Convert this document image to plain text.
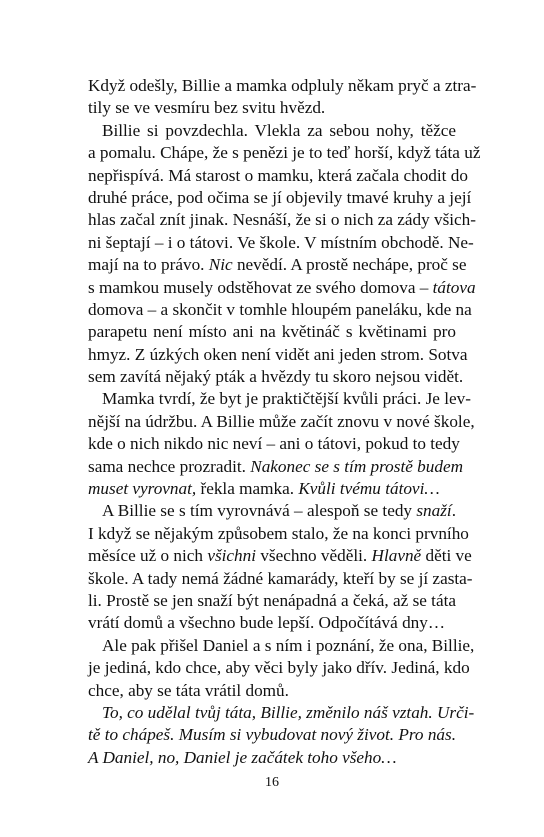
Když odešly, Billie a mamka odpluly někam pryč a ztra-
tily se ve vesmíru bez svitu hvězd.
Billie si povzdechla. Vlekla za sebou nohy, těžce
a pomalu. Chápe, že s penězi je to teď horší, když táta už
nepřispívá. Má starost o mamku, která začala chodit do
druhé práce, pod očima se jí objevily tmavé kruhy a její
hlas začal znít jinak. Nesnáší, že si o nich za zády všich-
ni šeptají – i o tátovi. Ve škole. V místním obchodě. Ne-
mají na to právo. Nic nevědí. A prostě nechápe, proč se
s mamkou musely odstěhovat ze svého domova – tátova
domova – a skončit v tomhle hloupém paneláku, kde na
parapetu není místo ani na květináč s květinami pro
hmyz. Z úzkých oken není vidět ani jeden strom. Sotva
sem zavítá nějaký pták a hvězdy tu skoro nejsou vidět.
Mamka tvrdí, že byt je praktičtější kvůli práci. Je lev-
nější na údržbu. A Billie může začít znovu v nové škole,
kde o nich nikdo nic neví – ani o tátovi, pokud to tedy
sama nechce prozradit. Nakonec se s tím prostě budem
muset vyrovnat, řekla mamka. Kvůli tvému tátovi…
A Billie se s tím vyrovnává – alespoň se tedy snaží.
I když se nějakým způsobem stalo, že na konci prvního
měsíce už o nich všichni všechno věděli. Hlavně děti ve
škole. A tady nemá žádné kamarády, kteří by se jí zasta-
li. Prostě se jen snaží být nenápadná a čeká, až se táta
vrátí domů a všechno bude lepší. Odpočítává dny…
Ale pak přišel Daniel a s ním i poznání, že ona, Billie,
je jediná, kdo chce, aby věci byly jako dřív. Jediná, kdo
chce, aby se táta vrátil domů.
To, co udělal tvůj táta, Billie, změnilo náš vztah. Urči-
tě to chápeš. Musím si vybudovat nový život. Pro nás.
A Daniel, no, Daniel je začátek toho všeho…
16
